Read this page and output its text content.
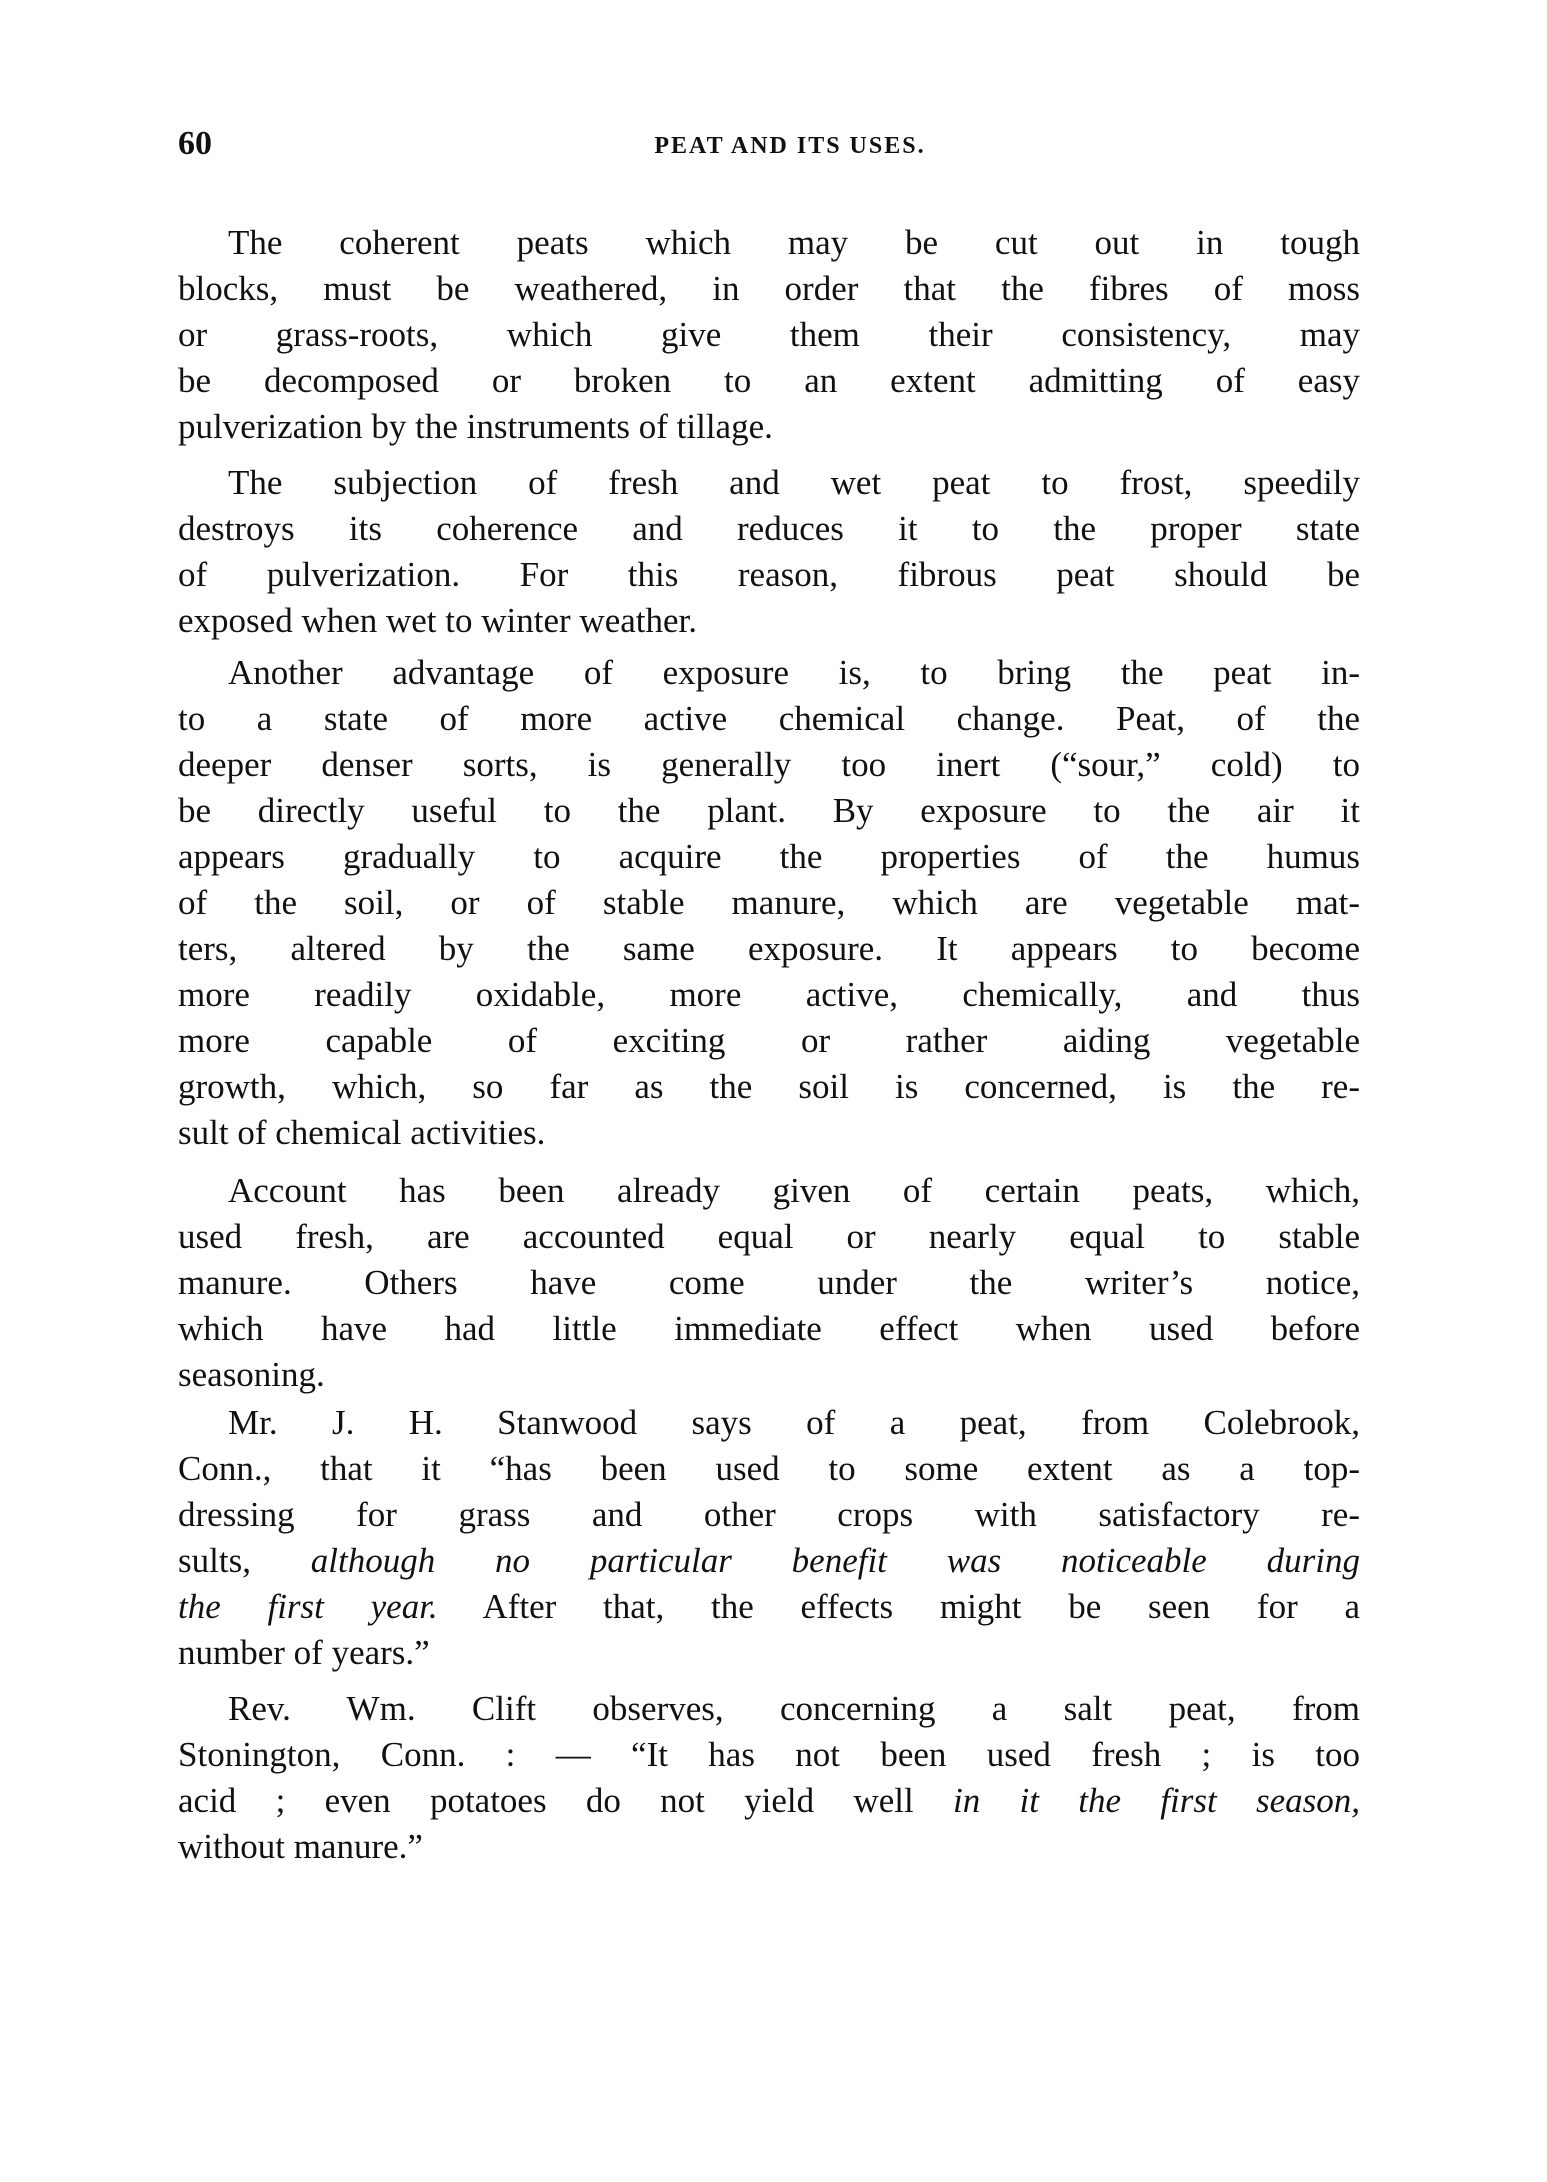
60	PEAT AND ITS USES.
The coherent peats which may be cut out in tough
blocks, must be weathered, in order that the fibres of moss
or grass-roots, which give them their consistency, may
be decomposed or broken to an extent admitting of easy
pulverization by the instruments of tillage.
The subjection of fresh and wet peat to frost, speedily
destroys its coherence and reduces it to the proper state
of pulverization. For this reason, fibrous peat should be
exposed when wet to winter weather.
Another advantage of exposure is, to bring the peat in-
to a state of more active chemical change. Peat, of the
deeper denser sorts, is generally too inert (“sour,” cold) to
be directly useful to the plant. By exposure to the air it
appears gradually to acquire the properties of the humus
of the soil, or of stable manure, which are vegetable mat-
ters, altered by the same exposure. It appears to become
more readily oxidable, more active, chemically, and thus
more capable of exciting or rather aiding vegetable
growth, which, so far as the soil is concerned, is the re-
sult of chemical activities.
Account has been already given of certain peats, which,
used fresh, are accounted equal or nearly equal to stable
manure. Others have come under the writer’s notice,
which have had little immediate effect when used before
seasoning.
Mr. J. H. Stanwood says of a peat, from Colebrook,
Conn., that it “has been used to some extent as a top-
dressing for grass and other crops with satisfactory re-
sults, although no particular benefit was noticeable during
the first year. After that, the effects might be seen for a
number of years.”
Rev. Wm. Clift observes, concerning a salt peat, from
Stonington, Conn. : — “It has not been used fresh ; is too
acid ; even potatoes do not yield well in it the first season,
without manure.”
